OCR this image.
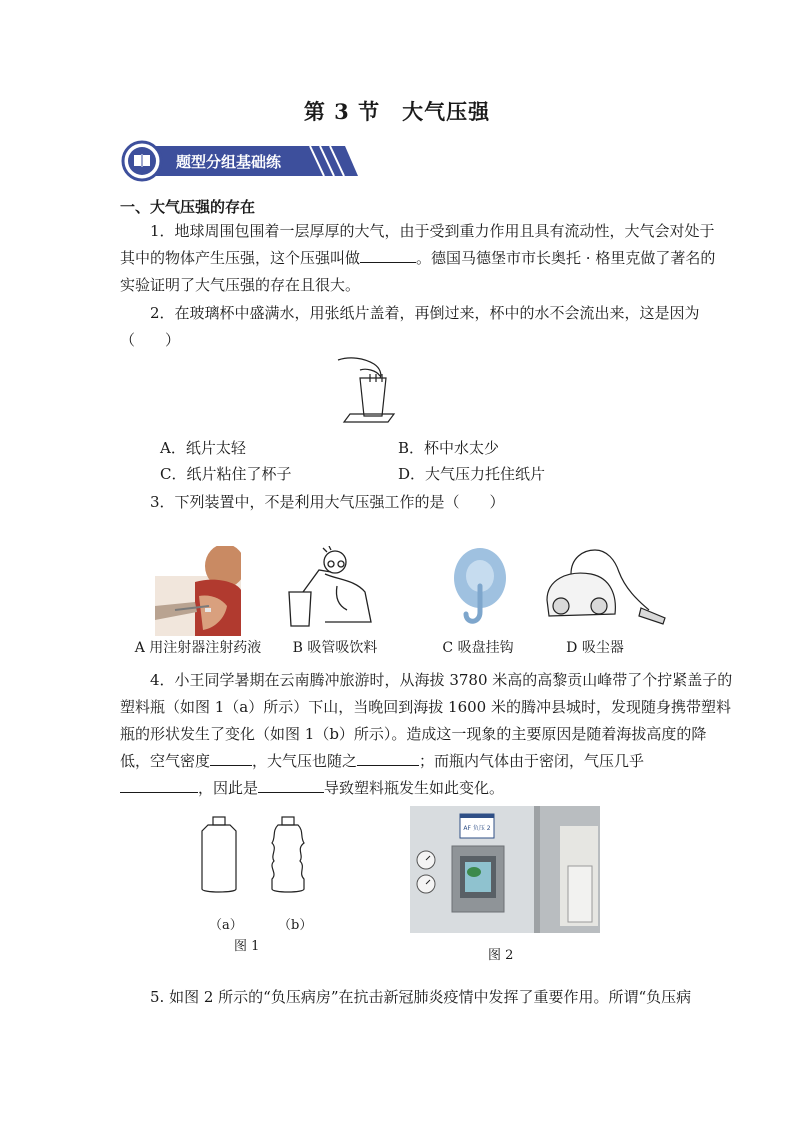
第 3 节　大气压强
题型分组基础练
一、大气压强的存在
1．地球周围包围着一层厚厚的大气，由于受到重力作用且具有流动性，大气会对处于
其中的物体产生压强，这个压强叫做	。德国马德堡市市长奥托 · 格里克做了著名的
实验证明了大气压强的存在且很大。
2．在玻璃杯中盛满水，用张纸片盖着，再倒过来，杯中的水不会流出来，这是因为
（　　）
A．纸片太轻	B．杯中水太少
C．纸片粘住了杯子	D．大气压力托住纸片
3．下列装置中，不是利用大气压强工作的是（　　）
A 用注射器注射药液	B 吸管吸饮料	C 吸盘挂钩	D 吸尘器
4．小王同学暑期在云南腾冲旅游时，从海拔 3780 米高的高黎贡山峰带了个拧紧盖子的
塑料瓶（如图 1（a）所示）下山，当晚回到海拔 1600 米的腾冲县城时，发现随身携带塑料
瓶的形状发生了变化（如图 1（b）所示）。造成这一现象的主要原因是随着海拔高度的降
低，空气密度	，大气压也随之	；而瓶内气体由于密闭，气压几乎
，因此是	导致塑料瓶发生如此变化。
（a）	（b）
图 1
AF 负压 2
图 2
5. 如图 2 所示的“负压病房”在抗击新冠肺炎疫情中发挥了重要作用。所谓“负压病
